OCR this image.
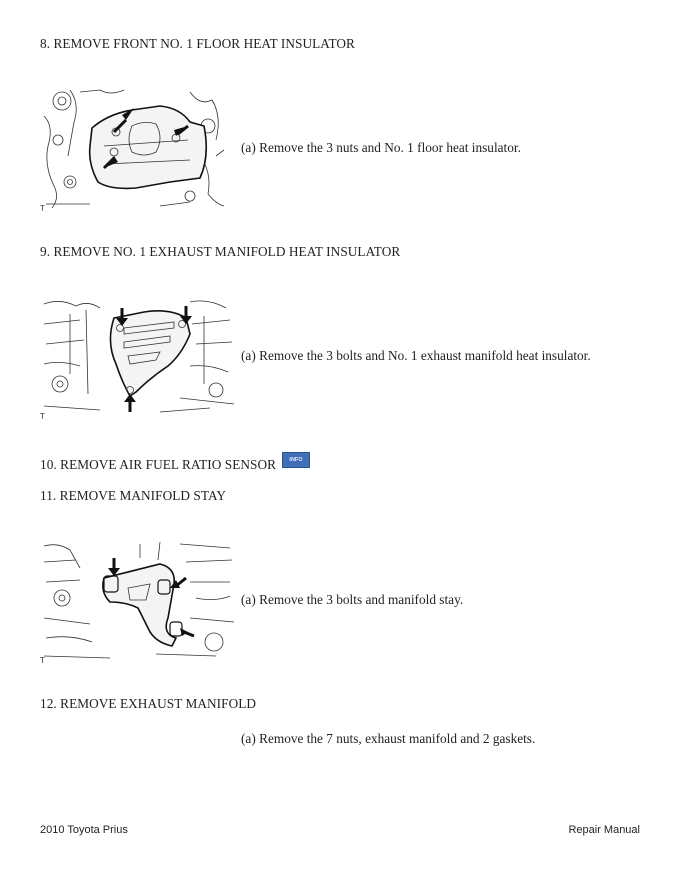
8. REMOVE FRONT NO. 1 FLOOR HEAT INSULATOR
T
(a) Remove the 3 nuts and No. 1 floor heat insulator.
9. REMOVE NO. 1 EXHAUST MANIFOLD HEAT INSULATOR
T
(a) Remove the 3 bolts and No. 1 exhaust manifold heat insulator.
10. REMOVE AIR FUEL RATIO SENSOR	INFO
11. REMOVE MANIFOLD STAY
T
(a) Remove the 3 bolts and manifold stay.
12. REMOVE EXHAUST MANIFOLD
(a) Remove the 7 nuts, exhaust manifold and 2 gaskets.
2010 Toyota Prius	Repair Manual
